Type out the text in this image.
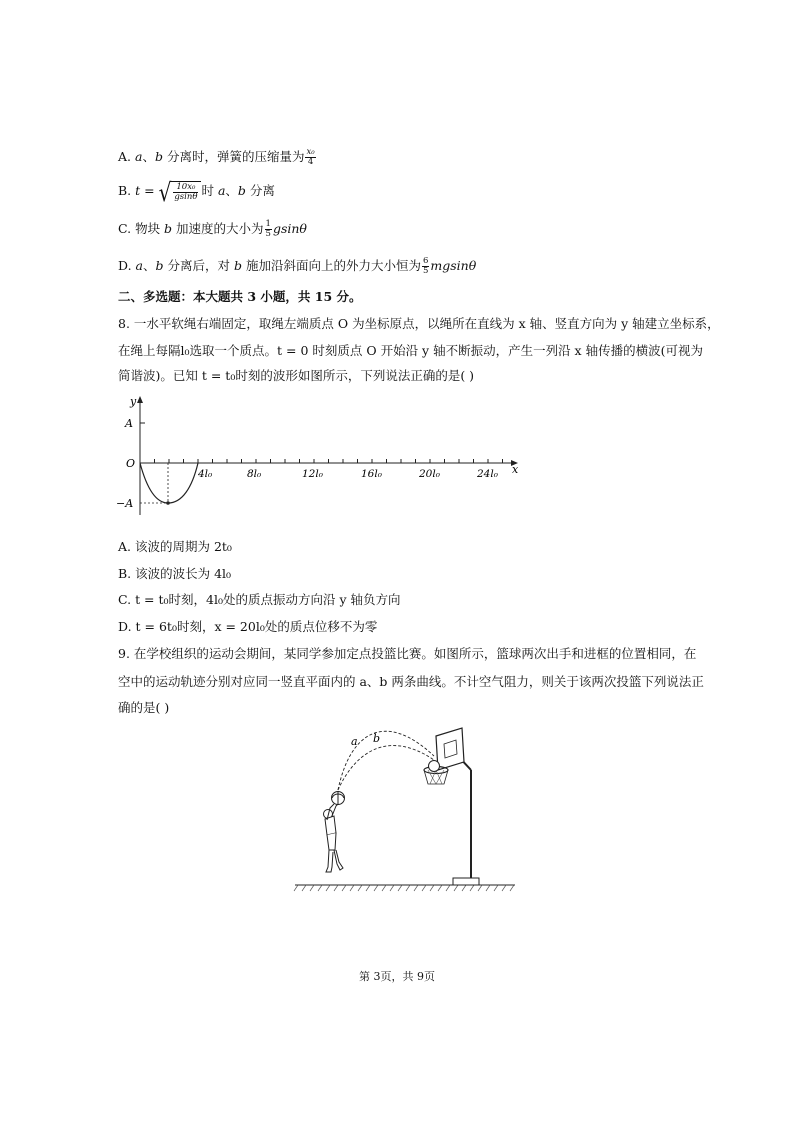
A. a、b 分离时，弹簧的压缩量为 $\frac{\text{x₀}}{4}$
B. t = √ $\frac{\text{10x₀}}{gsin\theta}$ 时 a、b 分离
C. 物块 b 加速度的大小为 $\frac{1}{5}$ gsinθ
D. a、b 分离后，对 b 施加沿斜面向上的外力大小恒为 $\frac{6}{5}$ mgsinθ
二、多选题：本大题共 3 小题，共 15 分。
8. 一水平软绳右端固定，取绳左端质点 O 为坐标原点，以绳所在直线为 x 轴、竖直方向为 y 轴建立坐标系，
在绳上每隔l₀选取一个质点。t = 0 时刻质点 O 开始沿 y 轴不断振动，产生一列沿 x 轴传播的横波(可视为
简谐波)。已知 t = t₀时刻的波形如图所示，下列说法正确的是( )
y
x
A
−A
O
4l₀	8l₀	12l₀	16l₀	20l₀	24l₀
A. 该波的周期为 2t₀
B. 该波的波长为 4l₀
C. t = t₀时刻，4l₀处的质点振动方向沿 y 轴负方向
D. t = 6t₀时刻，x = 20l₀处的质点位移不为零
9. 在学校组织的运动会期间，某同学参加定点投篮比赛。如图所示，篮球两次出手和进框的位置相同，在
空中的运动轨迹分别对应同一竖直平面内的 a、b 两条曲线。不计空气阻力，则关于该两次投篮下列说法正
确的是( )
a b
第 3页，共 9页
